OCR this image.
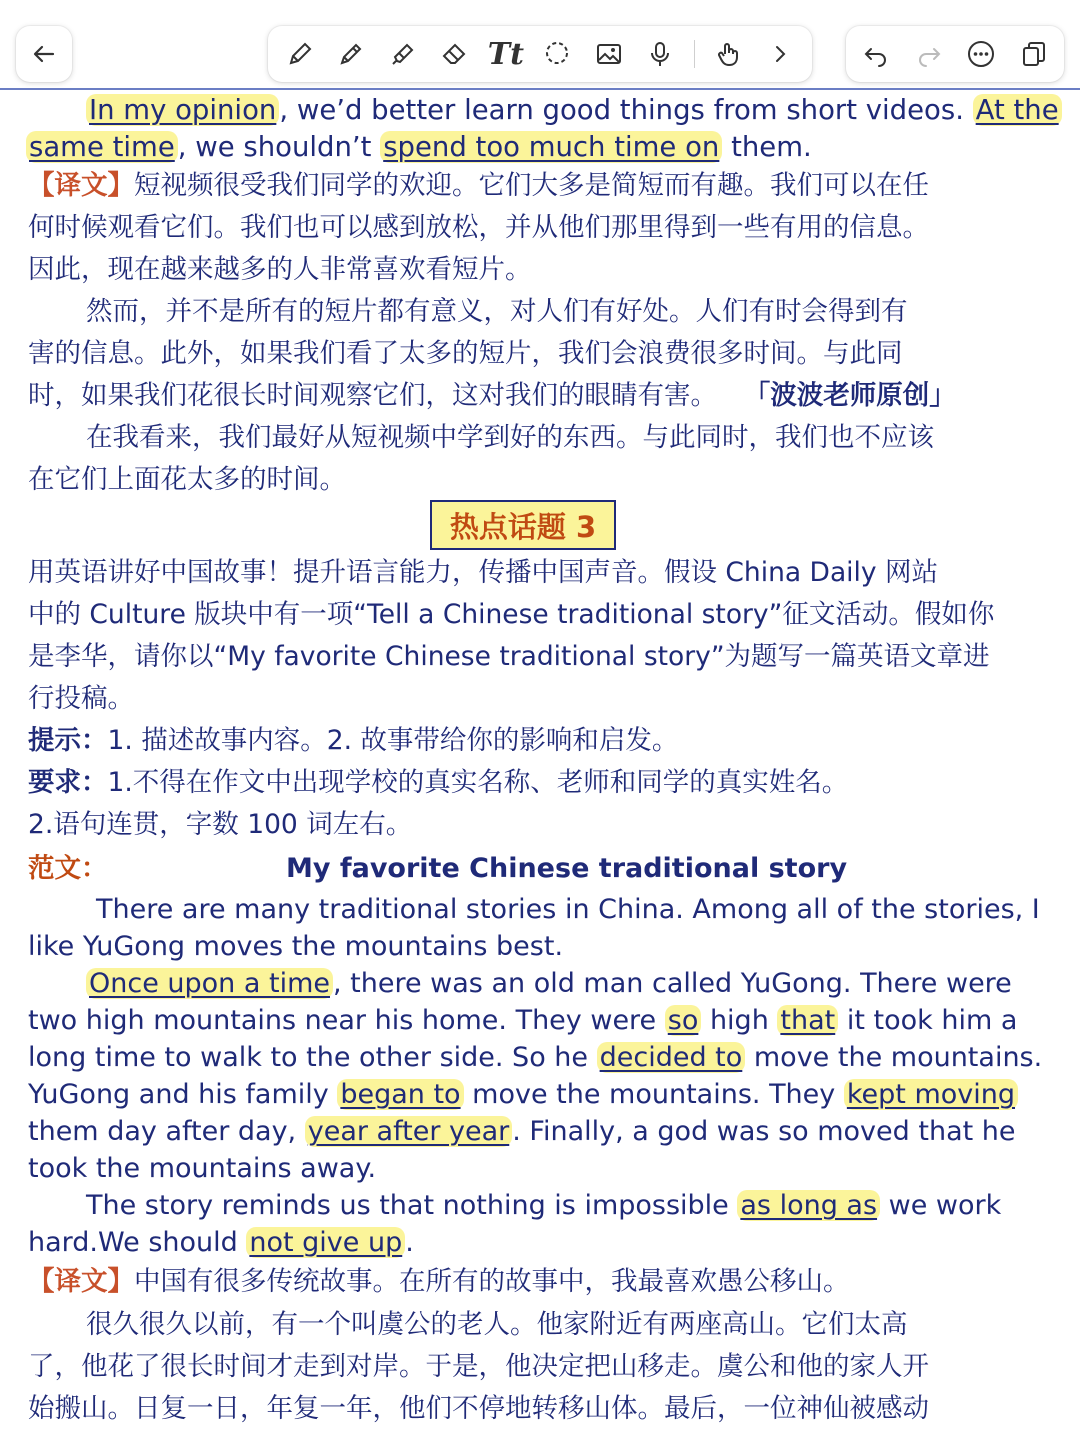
Tt
In my opinion , we’d better learn good things from short videos. At the
same time , we shouldn’t spend too much time on them.
【译文】短视频很受我们同学的欢迎。它们大多是简短而有趣。我们可以在任
何时候观看它们。我们也可以感到放松，并从他们那里得到一些有用的信息。
因此，现在越来越多的人非常喜欢看短片。
然而，并不是所有的短片都有意义，对人们有好处。人们有时会得到有
害的信息。此外，如果我们看了太多的短片，我们会浪费很多时间。与此同
时，如果我们花很长时间观察它们，这对我们的眼睛有害。 「波波老师原创」
在我看来，我们最好从短视频中学到好的东西。与此同时，我们也不应该
在它们上面花太多的时间。
热点话题 3
用英语讲好中国故事！提升语言能力，传播中国声音。假设 China Daily 网站
中的 Culture 版块中有一项“Tell a Chinese traditional story”征文活动。假如你
是李华，请你以“My favorite Chinese traditional story”为题写一篇英语文章进
行投稿。
提示：1. 描述故事内容。2. 故事带给你的影响和启发。
要求：1.不得在作文中出现学校的真实名称、老师和同学的真实姓名。
2.语句连贯，字数 100 词左右。
范文：	My favorite Chinese traditional story
There are many traditional stories in China. Among all of the stories, I
like YuGong moves the mountains best.
Once upon a time , there was an old man called YuGong. There were
two high mountains near his home. They were so high that it took him a
long time to walk to the other side. So he decided to move the mountains.
YuGong and his family began to move the mountains. They kept moving
them day after day, year after year . Finally, a god was so moved that he
took the mountains away.
The story reminds us that nothing is impossible as long as we work
hard.We should not give up .
【译文】中国有很多传统故事。在所有的故事中，我最喜欢愚公移山。
很久很久以前，有一个叫虞公的老人。他家附近有两座高山。它们太高
了，他花了很长时间才走到对岸。于是，他决定把山移走。虞公和他的家人开
始搬山。日复一日，年复一年，他们不停地转移山体。最后，一位神仙被感动
